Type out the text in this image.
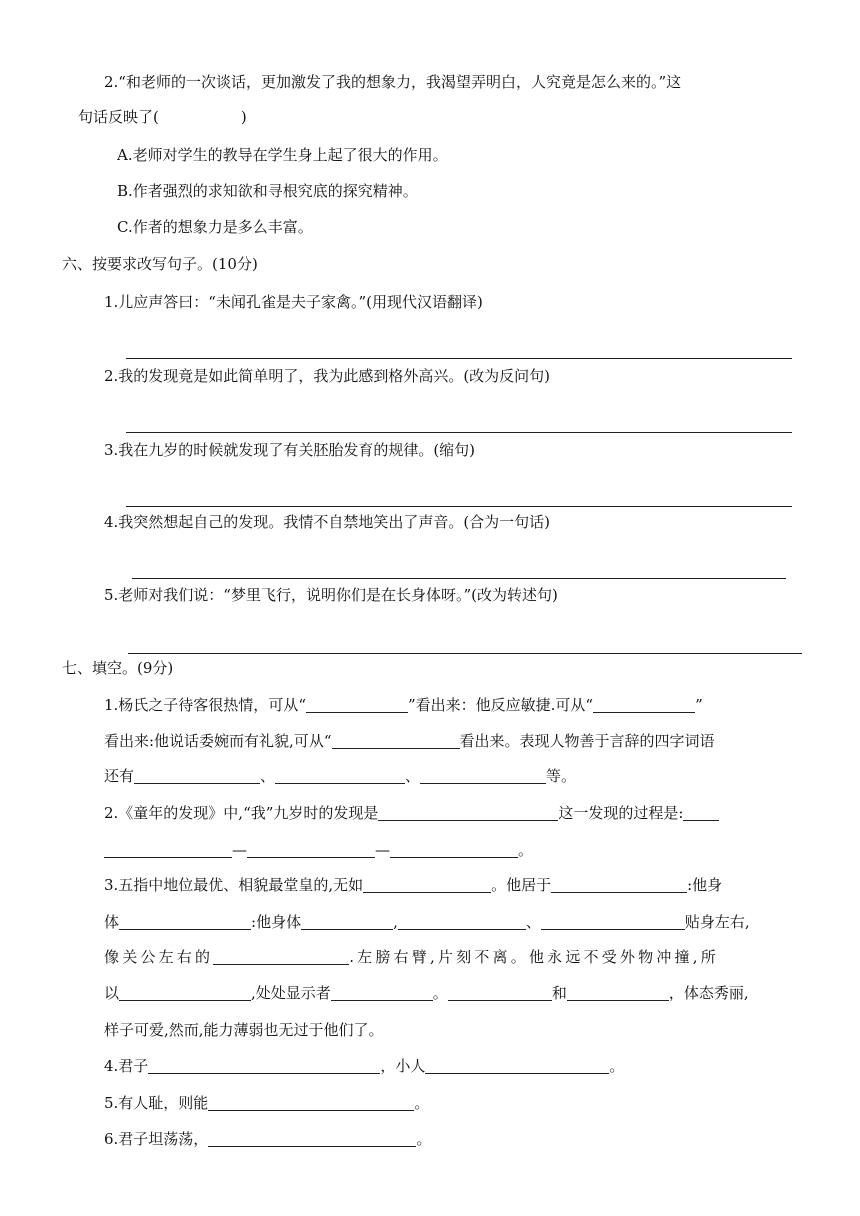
2.“和老师的一次谈话，更加激发了我的想象力，我渴望弄明白，人究竟是怎么来的。”这
句话反映了(	)
A.老师对学生的教导在学生身上起了很大的作用。
B.作者强烈的求知欲和寻根究底的探究精神。
C.作者的想象力是多么丰富。
六、按要求改写句子。(10分)
1.儿应声答曰：“未闻孔雀是夫子家禽。”(用现代汉语翻译)
2.我的发现竟是如此简单明了，我为此感到格外高兴。(改为反问句)
3.我在九岁的时候就发现了有关胚胎发育的规律。(缩句)
4.我突然想起自己的发现。我情不自禁地笑出了声音。(合为一句话)
5.老师对我们说：“梦里飞行，说明你们是在长身体呀。”(改为转述句)
七、填空。(9分)
1.杨氏之子待客很热情，可从“	”看出来：他反应敏捷.可从“	”
看出来:他说话委婉而有礼貌,可从“	看出来。表现人物善于言辞的四字词语
还有	、	、	等。
2.《童年的发现》中,“我”九岁时的发现是	这一发现的过程是:
—	—	。
3.五指中地位最优、相貌最堂皇的,无如	。他居于	:他身
体	:他身体	,	、	贴身左右,
像关公左右的	.左膀右臂,片刻不离。他永远不受外物冲撞,所
以	,处处显示者	。	和	，体态秀丽,
样子可爱,然而,能力薄弱也无过于他们了。
4.君子	，小人	。
5.有人耻，则能	。
6.君子坦荡荡，	。
